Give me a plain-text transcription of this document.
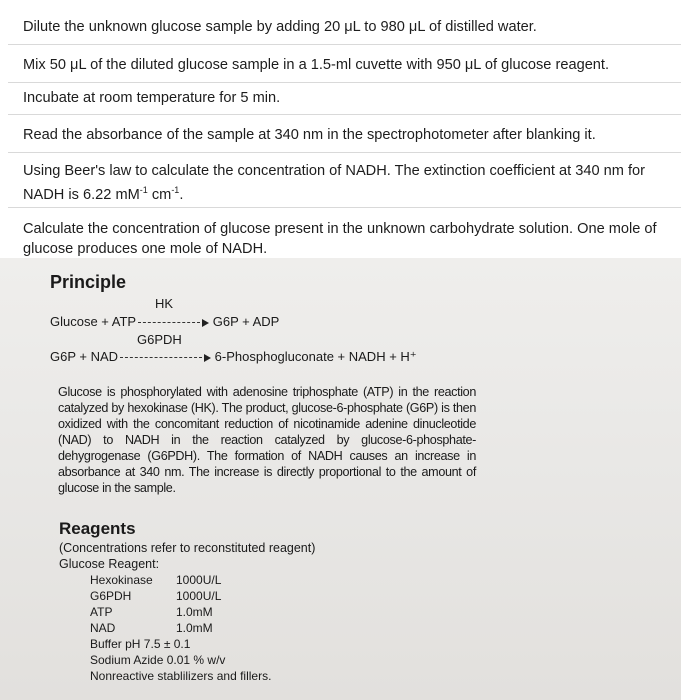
Dilute the unknown glucose sample by adding 20 μL to 980 μL of distilled water.
Mix 50 μL of the diluted glucose sample in a 1.5-ml cuvette with 950 μL of glucose reagent.
Incubate at room temperature for 5 min.
Read the absorbance of the sample at 340 nm in the spectrophotometer after blanking it.
Using Beer's law to calculate the concentration of NADH. The extinction coefficient at 340 nm for
NADH is 6.22 $mM^{-1}$ $cm^{-1}$.
Calculate the concentration of glucose present in the unknown carbohydrate solution. One mole of
glucose produces one mole of NADH.
Principle
HK
Glucose + ATP	G6P + ADP
G6PDH
G6P + NAD	6-Phosphogluconate + NADH + H⁺
Glucose is phosphorylated with adenosine triphosphate (ATP) in the reaction catalyzed by hexokinase (HK). The product, glucose-6-phosphate (G6P) is then oxidized with the concomitant reduction of nicotinamide adenine dinucleotide (NAD) to NADH in the reaction catalyzed by glucose-6-phosphate-dehygrogenase (G6PDH). The formation of NADH causes an increase in absorbance at 340 nm. The increase is directly proportional to the amount of glucose in the sample.
Reagents
(Concentrations refer to reconstituted reagent)
Glucose Reagent:
Hexokinase 1000U/L
G6PDH	1000U/L
ATP	1.0mM
NAD	1.0mM
Buffer pH 7.5 ± 0.1
Sodium Azide 0.01 % w/v
Nonreactive stablilizers and fillers.
